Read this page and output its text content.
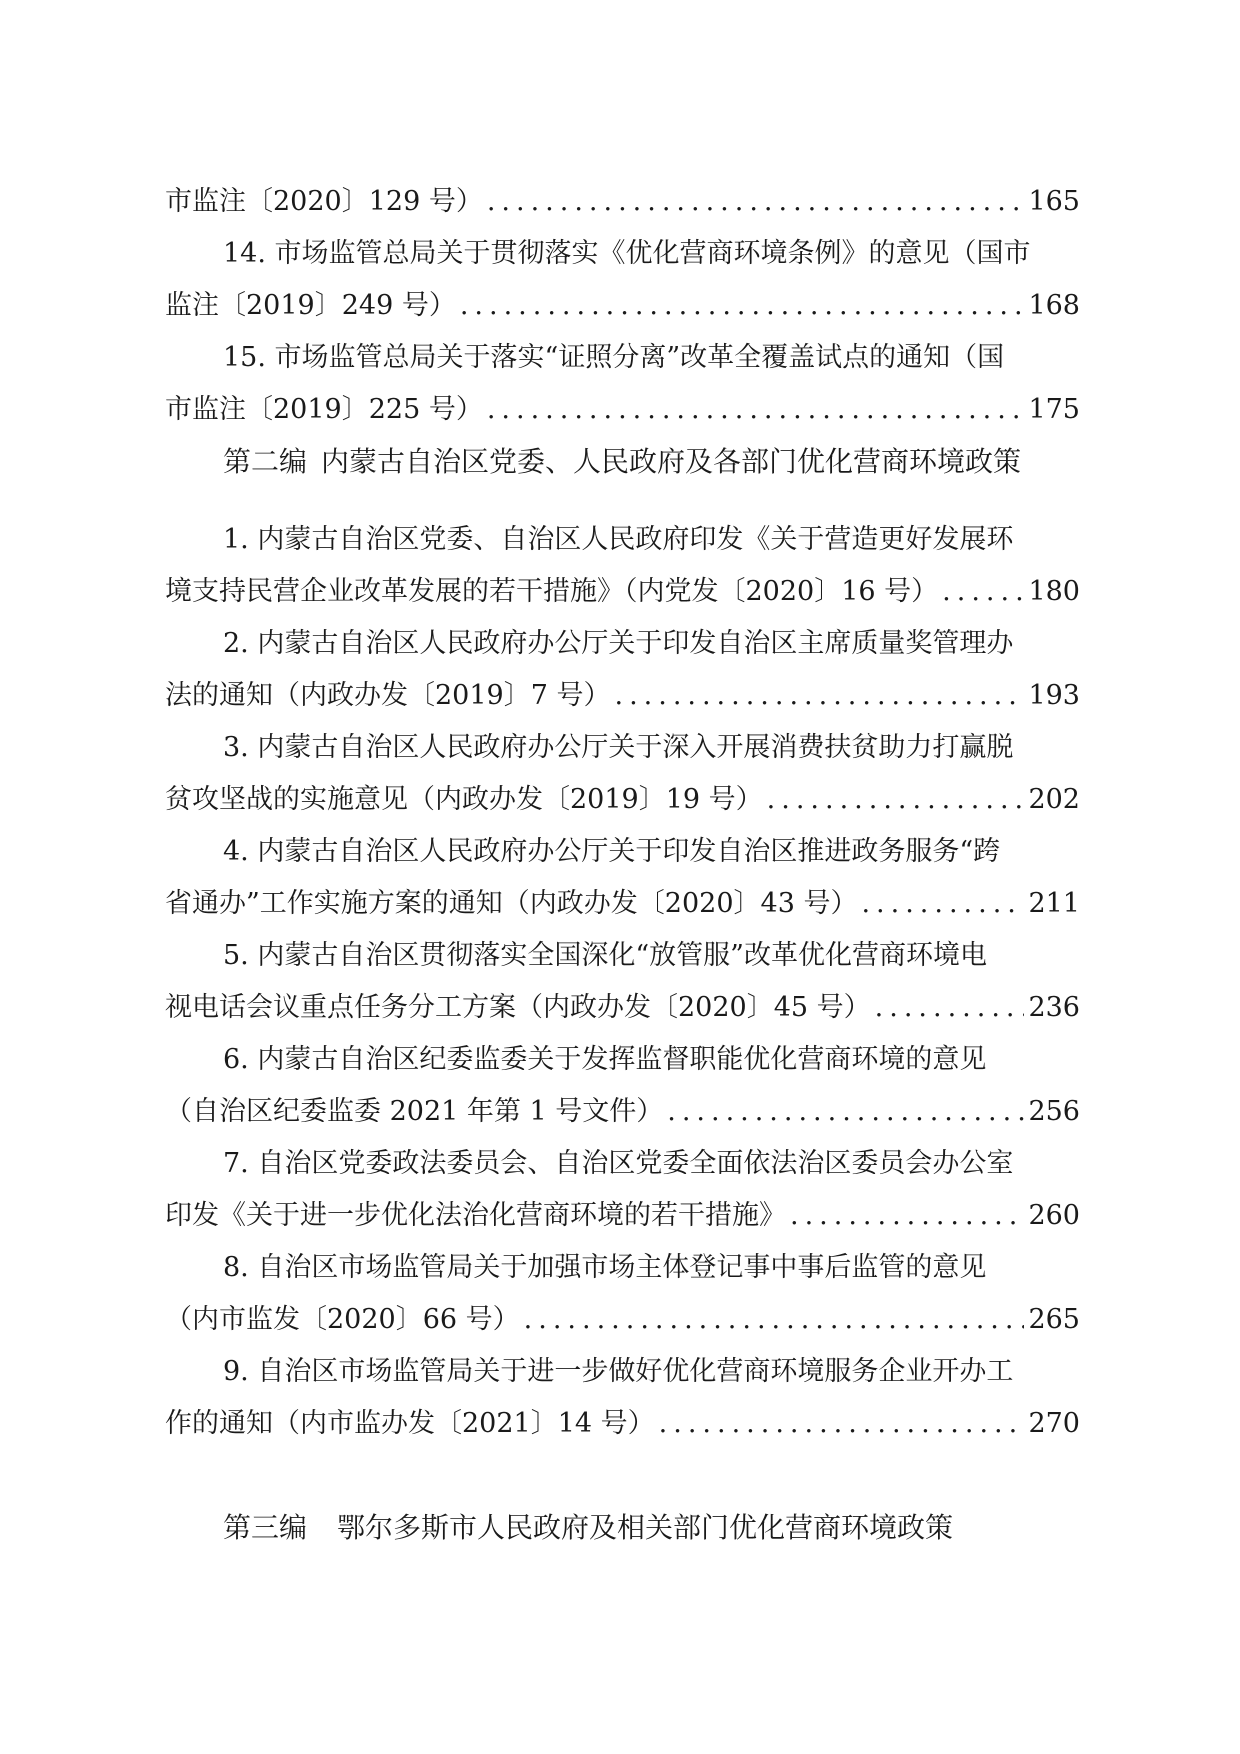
市监注〔2020〕129 号） .....	165
14. 市场监管总局关于贯彻落实《优化营商环境条例》的意见（国市
监注〔2019〕249 号） .....	168
15. 市场监管总局关于落实“证照分离”改革全覆盖试点的通知（国
市监注〔2019〕225 号） .....	175
第二编 内蒙古自治区党委、人民政府及各部门优化营商环境政策
1. 内蒙古自治区党委、自治区人民政府印发《关于营造更好发展环
境支持民营企业改革发展的若干措施》（内党发〔2020〕16 号） .....	180
2. 内蒙古自治区人民政府办公厅关于印发自治区主席质量奖管理办
法的通知（内政办发〔2019〕7 号） .....	193
3. 内蒙古自治区人民政府办公厅关于深入开展消费扶贫助力打赢脱
贫攻坚战的实施意见（内政办发〔2019〕19 号） .....	202
4. 内蒙古自治区人民政府办公厅关于印发自治区推进政务服务“跨
省通办”工作实施方案的通知（内政办发〔2020〕43 号） .....	211
5. 内蒙古自治区贯彻落实全国深化“放管服”改革优化营商环境电
视电话会议重点任务分工方案（内政办发〔2020〕45 号） .....	236
6. 内蒙古自治区纪委监委关于发挥监督职能优化营商环境的意见
（自治区纪委监委 2021 年第 1 号文件） .....	256
7. 自治区党委政法委员会、自治区党委全面依法治区委员会办公室
印发《关于进一步优化法治化营商环境的若干措施》 .....	260
8. 自治区市场监管局关于加强市场主体登记事中事后监管的意见
（内市监发〔2020〕66 号） .....	265
9. 自治区市场监管局关于进一步做好优化营商环境服务企业开办工
作的通知（内市监办发〔2021〕14 号） .....	270
第三编 鄂尔多斯市人民政府及相关部门优化营商环境政策
